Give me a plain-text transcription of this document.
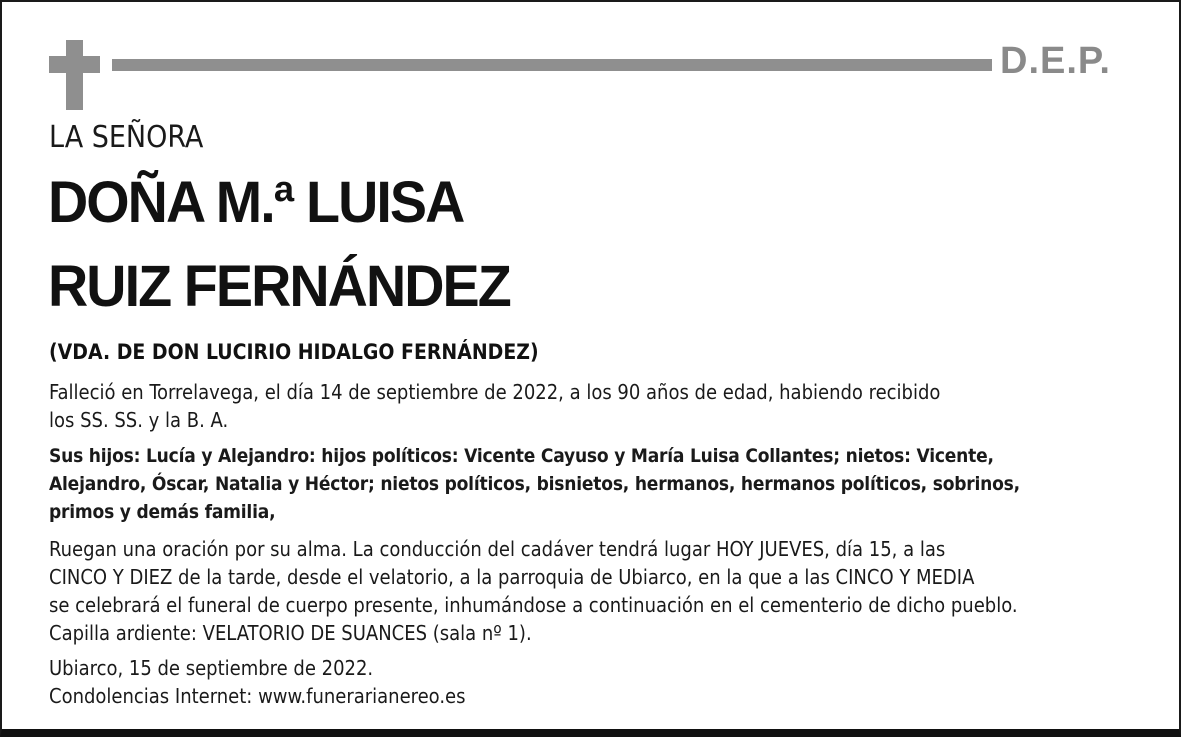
D.E.P.
LA SEÑORA
DOÑA M.ª LUISA
RUIZ FERNÁNDEZ
(VDA. DE DON LUCIRIO HIDALGO FERNÁNDEZ)
Falleció en Torrelavega, el día 14 de septiembre de 2022, a los 90 años de edad, habiendo recibido
los SS. SS. y la B. A.
Sus hijos: Lucía y Alejandro: hijos políticos: Vicente Cayuso y María Luisa Collantes; nietos: Vicente,
Alejandro, Óscar, Natalia y Héctor; nietos políticos, bisnietos, hermanos, hermanos políticos, sobrinos,
primos y demás familia,
Ruegan una oración por su alma. La conducción del cadáver tendrá lugar HOY JUEVES, día 15, a las
CINCO Y DIEZ de la tarde, desde el velatorio, a la parroquia de Ubiarco, en la que a las CINCO Y MEDIA
se celebrará el funeral de cuerpo presente, inhumándose a continuación en el cementerio de dicho pueblo.
Capilla ardiente: VELATORIO DE SUANCES (sala nº 1).
Ubiarco, 15 de septiembre de 2022.
Condolencias Internet: www.funerarianereo.es
